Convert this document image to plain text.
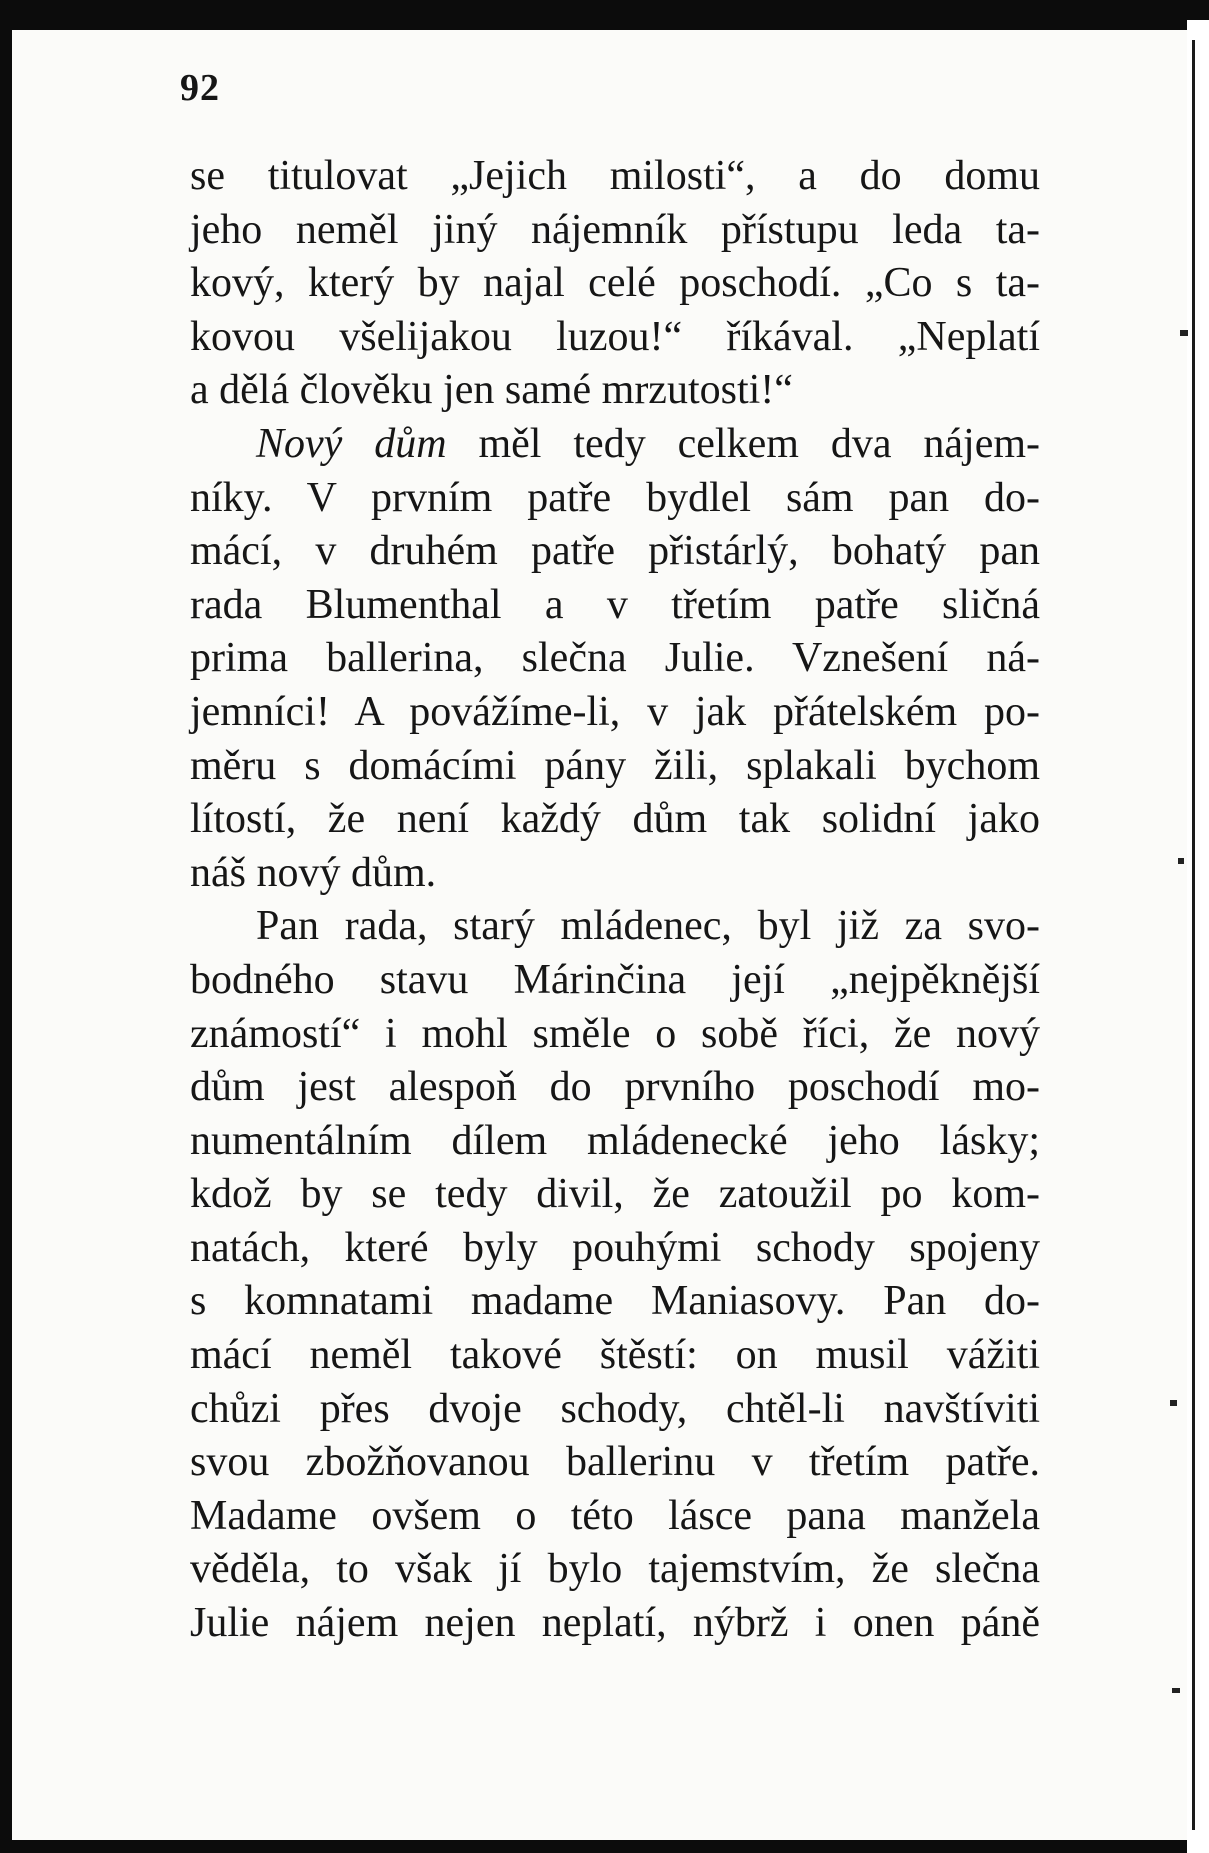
92
se titulovat „Jejich milosti“, a do domu
jeho neměl jiný nájemník přístupu leda ta-
kový, který by najal celé poschodí. „Co s ta-
kovou všelijakou luzou!“ říkával. „Neplatí
a dělá člověku jen samé mrzutosti!“
Nový dům měl tedy celkem dva nájem-
níky. V prvním patře bydlel sám pan do-
mácí, v druhém patře přistárlý, bohatý pan
rada Blumenthal a v třetím patře sličná
prima ballerina, slečna Julie. Vznešení ná-
jemníci! A povážíme-li, v jak přátelském po-
měru s domácími pány žili, splakali bychom
lítostí, že není každý dům tak solidní jako
náš nový dům.
Pan rada, starý mládenec, byl již za svo-
bodného stavu Márinčina její „nejpěknější
známostí“ i mohl směle o sobě říci, že nový
dům jest alespoň do prvního poschodí mo-
numentálním dílem mládenecké jeho lásky;
kdož by se tedy divil, že zatoužil po kom-
natách, které byly pouhými schody spojeny
s komnatami madame Maniasovy. Pan do-
mácí neměl takové štěstí: on musil vážiti
chůzi přes dvoje schody, chtěl-li navštíviti
svou zbožňovanou ballerinu v třetím patře.
Madame ovšem o této lásce pana manžela
věděla, to však jí bylo tajemstvím, že slečna
Julie nájem nejen neplatí, nýbrž i onen páně
